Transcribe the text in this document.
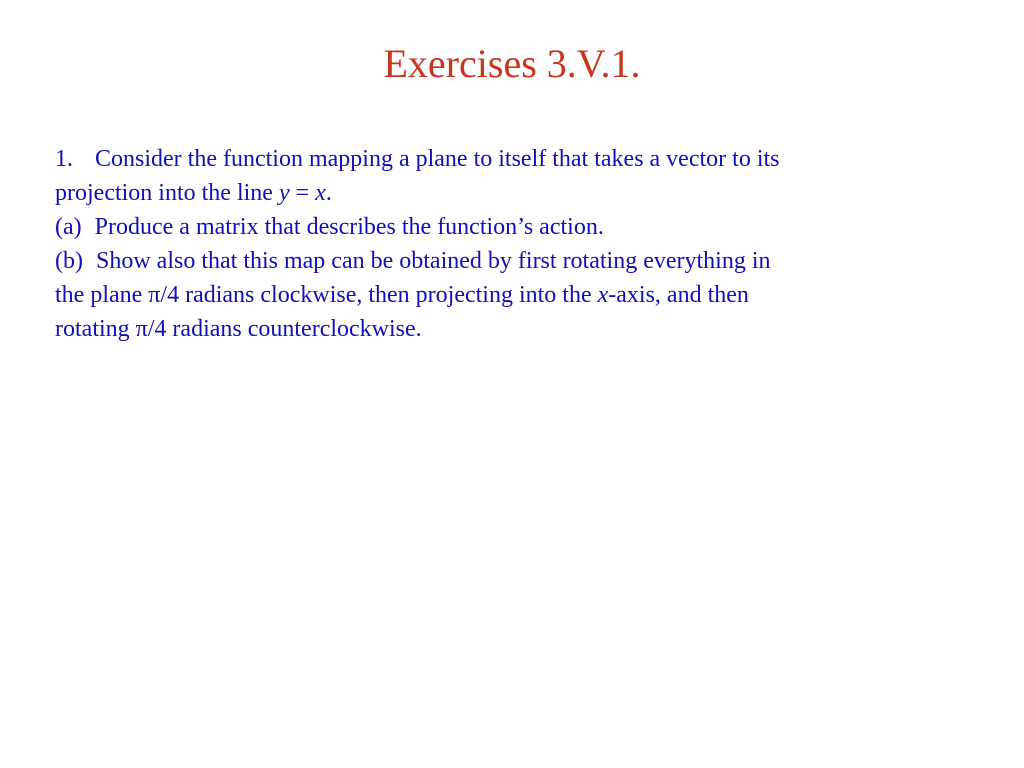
Exercises 3.V.1.
1. Consider the function mapping a plane to itself that takes a vector to its
projection into the line y = x.
(a) Produce a matrix that describes the function’s action.
(b) Show also that this map can be obtained by first rotating everything in
the plane π/4 radians clockwise, then projecting into the x-axis, and then
rotating π/4 radians counterclockwise.
